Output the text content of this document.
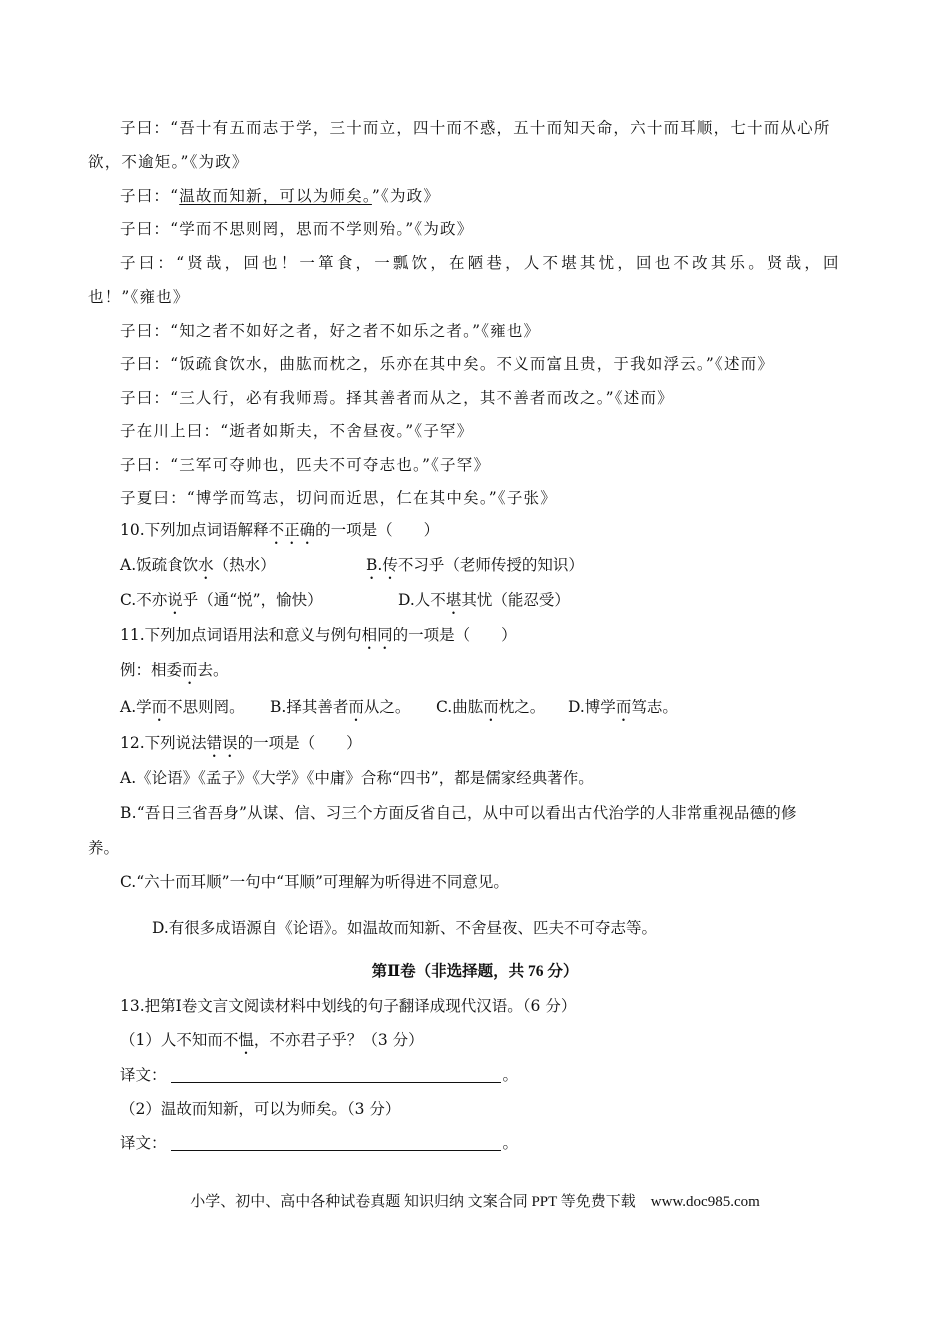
子曰：“吾十有五而志于学，三十而立，四十而不惑，五十而知天命，六十而耳顺，七十而从心所
欲，不逾矩。”《为政》
子曰：“温故而知新，可以为师矣。”《为政》
子曰：“学而不思则罔，思而不学则殆。”《为政》
子曰：“贤哉，回也！一箪食，一瓢饮，在陋巷，人不堪其忧，回也不改其乐。贤哉，回
也！”《雍也》
子曰：“知之者不如好之者，好之者不如乐之者。”《雍也》
子曰：“饭疏食饮水，曲肱而枕之，乐亦在其中矣。不义而富且贵，于我如浮云。”《述而》
子曰：“三人行，必有我师焉。择其善者而从之，其不善者而改之。”《述而》
子在川上曰：“逝者如斯夫，不舍昼夜。”《子罕》
子曰：“三军可夺帅也，匹夫不可夺志也。”《子罕》
子夏曰：“博学而笃志，切问而近思，仁在其中矣。”《子张》
10.下列加点词语解释不正确的一项是（　　）
A.饭疏食饮水（热水）	B.传不习乎（老师传授的知识）
C.不亦说乎（通“悦”，愉快）	D.人不堪其忧（能忍受）
11.下列加点词语用法和意义与例句相同的一项是（　　）
例：相委而去。
A.学而不思则罔。 B.择其善者而从之。 C.曲肱而枕之。 D.博学而笃志。
12.下列说法错误的一项是（　　）
A.《论语》《孟子》《大学》《中庸》合称“四书”，都是儒家经典著作。
B.“吾日三省吾身”从谋、信、习三个方面反省自己，从中可以看出古代治学的人非常重视品德的修
养。
C.“六十而耳顺”一句中“耳顺”可理解为听得进不同意见。
D.有很多成语源自《论语》。如温故而知新、不舍昼夜、匹夫不可夺志等。
第Ⅱ卷（非选择题，共 76 分）
13.把第Ⅰ卷文言文阅读材料中划线的句子翻译成现代汉语。（6 分）
（1）人不知而不愠，不亦君子乎？（3 分）
译文：	。
（2）温故而知新，可以为师矣。（3 分）
译文：	。
小学、初中、高中各种试卷真题 知识归纳 文案合同 PPT 等免费下载　www.doc985.com
